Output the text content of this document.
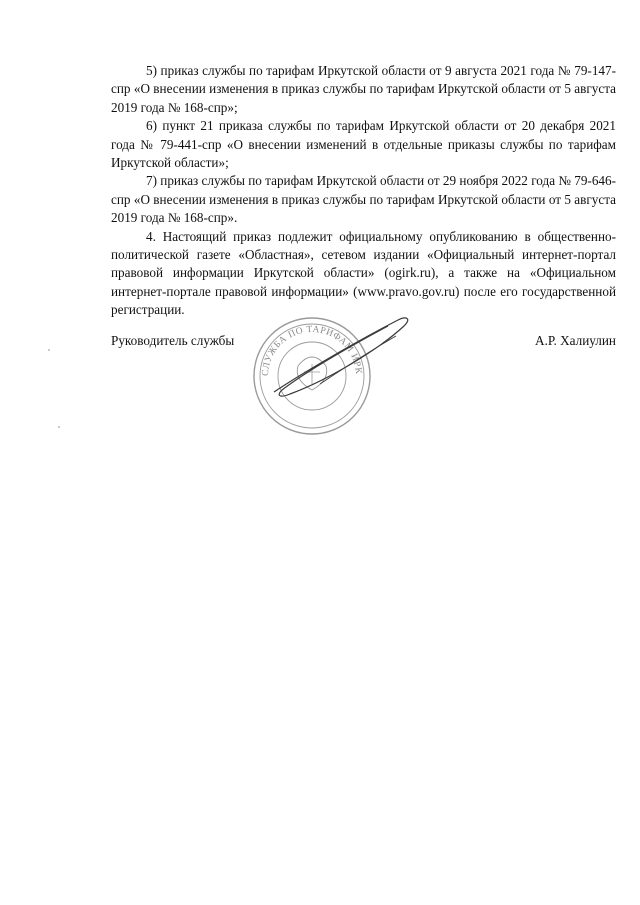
5) приказ службы по тарифам Иркутской области от 9 августа 2021 года № 79-147-спр «О внесении изменения в приказ службы по тарифам Иркутской области от 5 августа 2019 года № 168-спр»;

6) пункт 21 приказа службы по тарифам Иркутской области от 20 декабря 2021 года № 79-441-спр «О внесении изменений в отдельные приказы службы по тарифам Иркутской области»;

7) приказ службы по тарифам Иркутской области от 29 ноября 2022 года № 79-646-спр «О внесении изменения в приказ службы по тарифам Иркутской области от 5 августа 2019 года № 168-спр».

4. Настоящий приказ подлежит официальному опубликованию в общественно-политической газете «Областная», сетевом издании «Официальный интернет-портал правовой информации Иркутской области» (ogirk.ru), а также на «Официальном интернет-портале правовой информации» (www.pravo.gov.ru) после его государственной регистрации.

СЛУЖБА ПО ТАРИФАМ ИРКУТСКОЙ ОБЛАСТИ
Руководитель службы	А.Р. Халиулин
